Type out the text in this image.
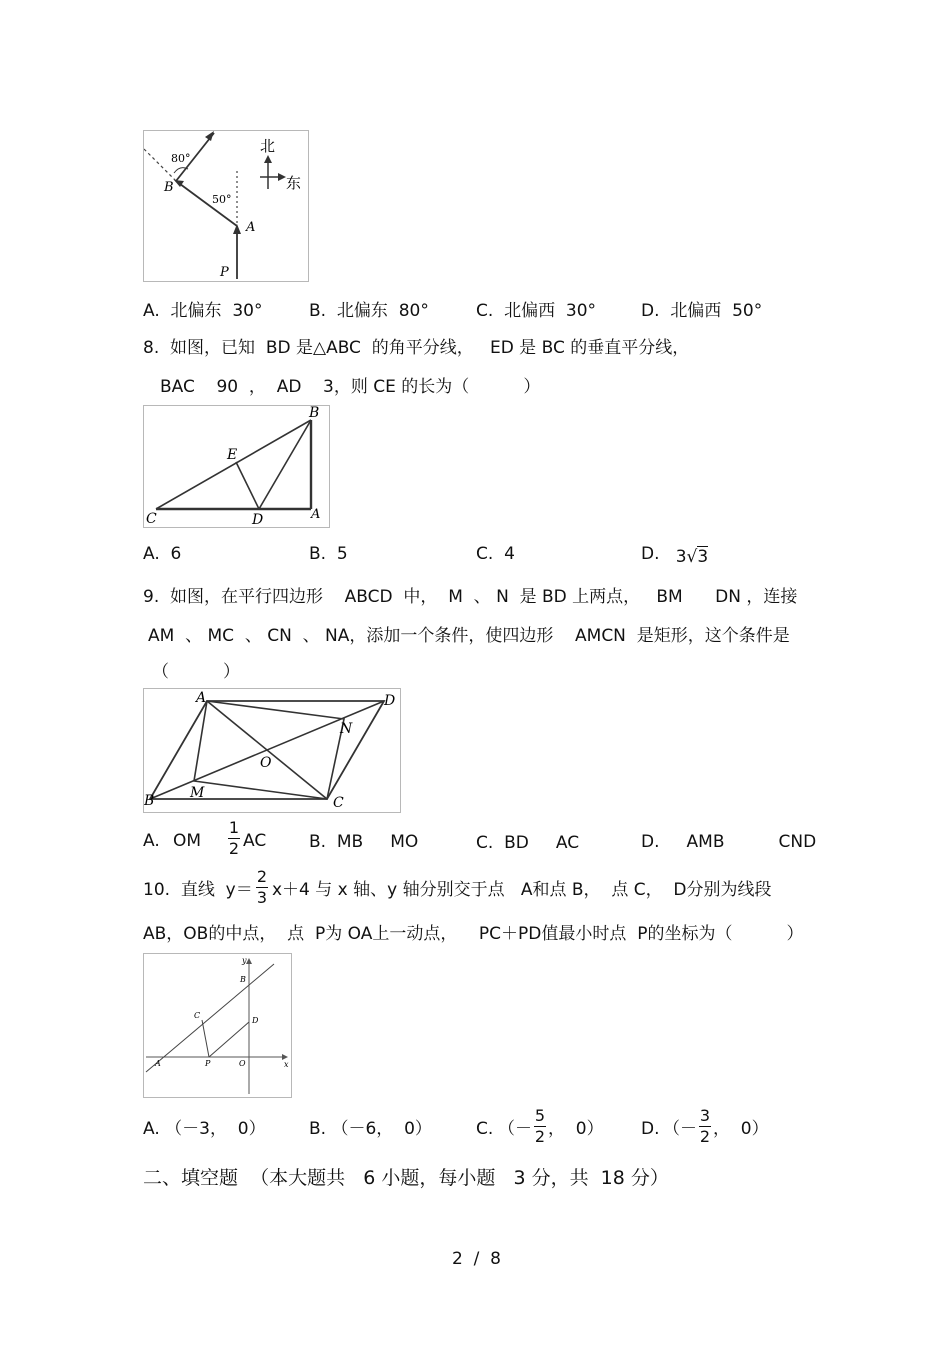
北
东
80°
50°
B
A
P
A. 北偏东  30°	B. 北偏东  80°	C. 北偏西  30°	D. 北偏西  50°
8.  如图，已知  BD 是△ABC  的角平分线，   ED 是 BC 的垂直平分线，
BAC    90  ，  AD    3，则 CE 的长为（          ）
B
E
C	D	A
A. 6	B. 5	C. 4	D. 3√3
9.  如图，在平行四边形    ABCD  中，  M  、 N  是 BD 上两点，   BM      DN ，连接
AM  、 MC  、 CN  、 NA，添加一个条件，使四边形    AMCN  是矩形，这个条件是
（          ）
A	D
N
O
B	M
C
A. OM
1
2 AC	B. MB     MO	C. BD     AC	D. AMB          CND
10.  直线  y＝
2
3 x＋4 与 x 轴、y 轴分别交于点   A和点 B，  点 C，  D分别为线段
AB，OB的中点，  点  P为 OA上一动点，    PC＋PD值最小时点  P的坐标为（          ）
y
x
B
C
D
A	P	O
A. （－3，  0）	B. （－6，  0）	C. （－
5
2 ，  0） D. （－
3
2 ，  0）
二、填空题  （本大题共   6 小题，每小题   3 分，共  18 分）
2  /  8
